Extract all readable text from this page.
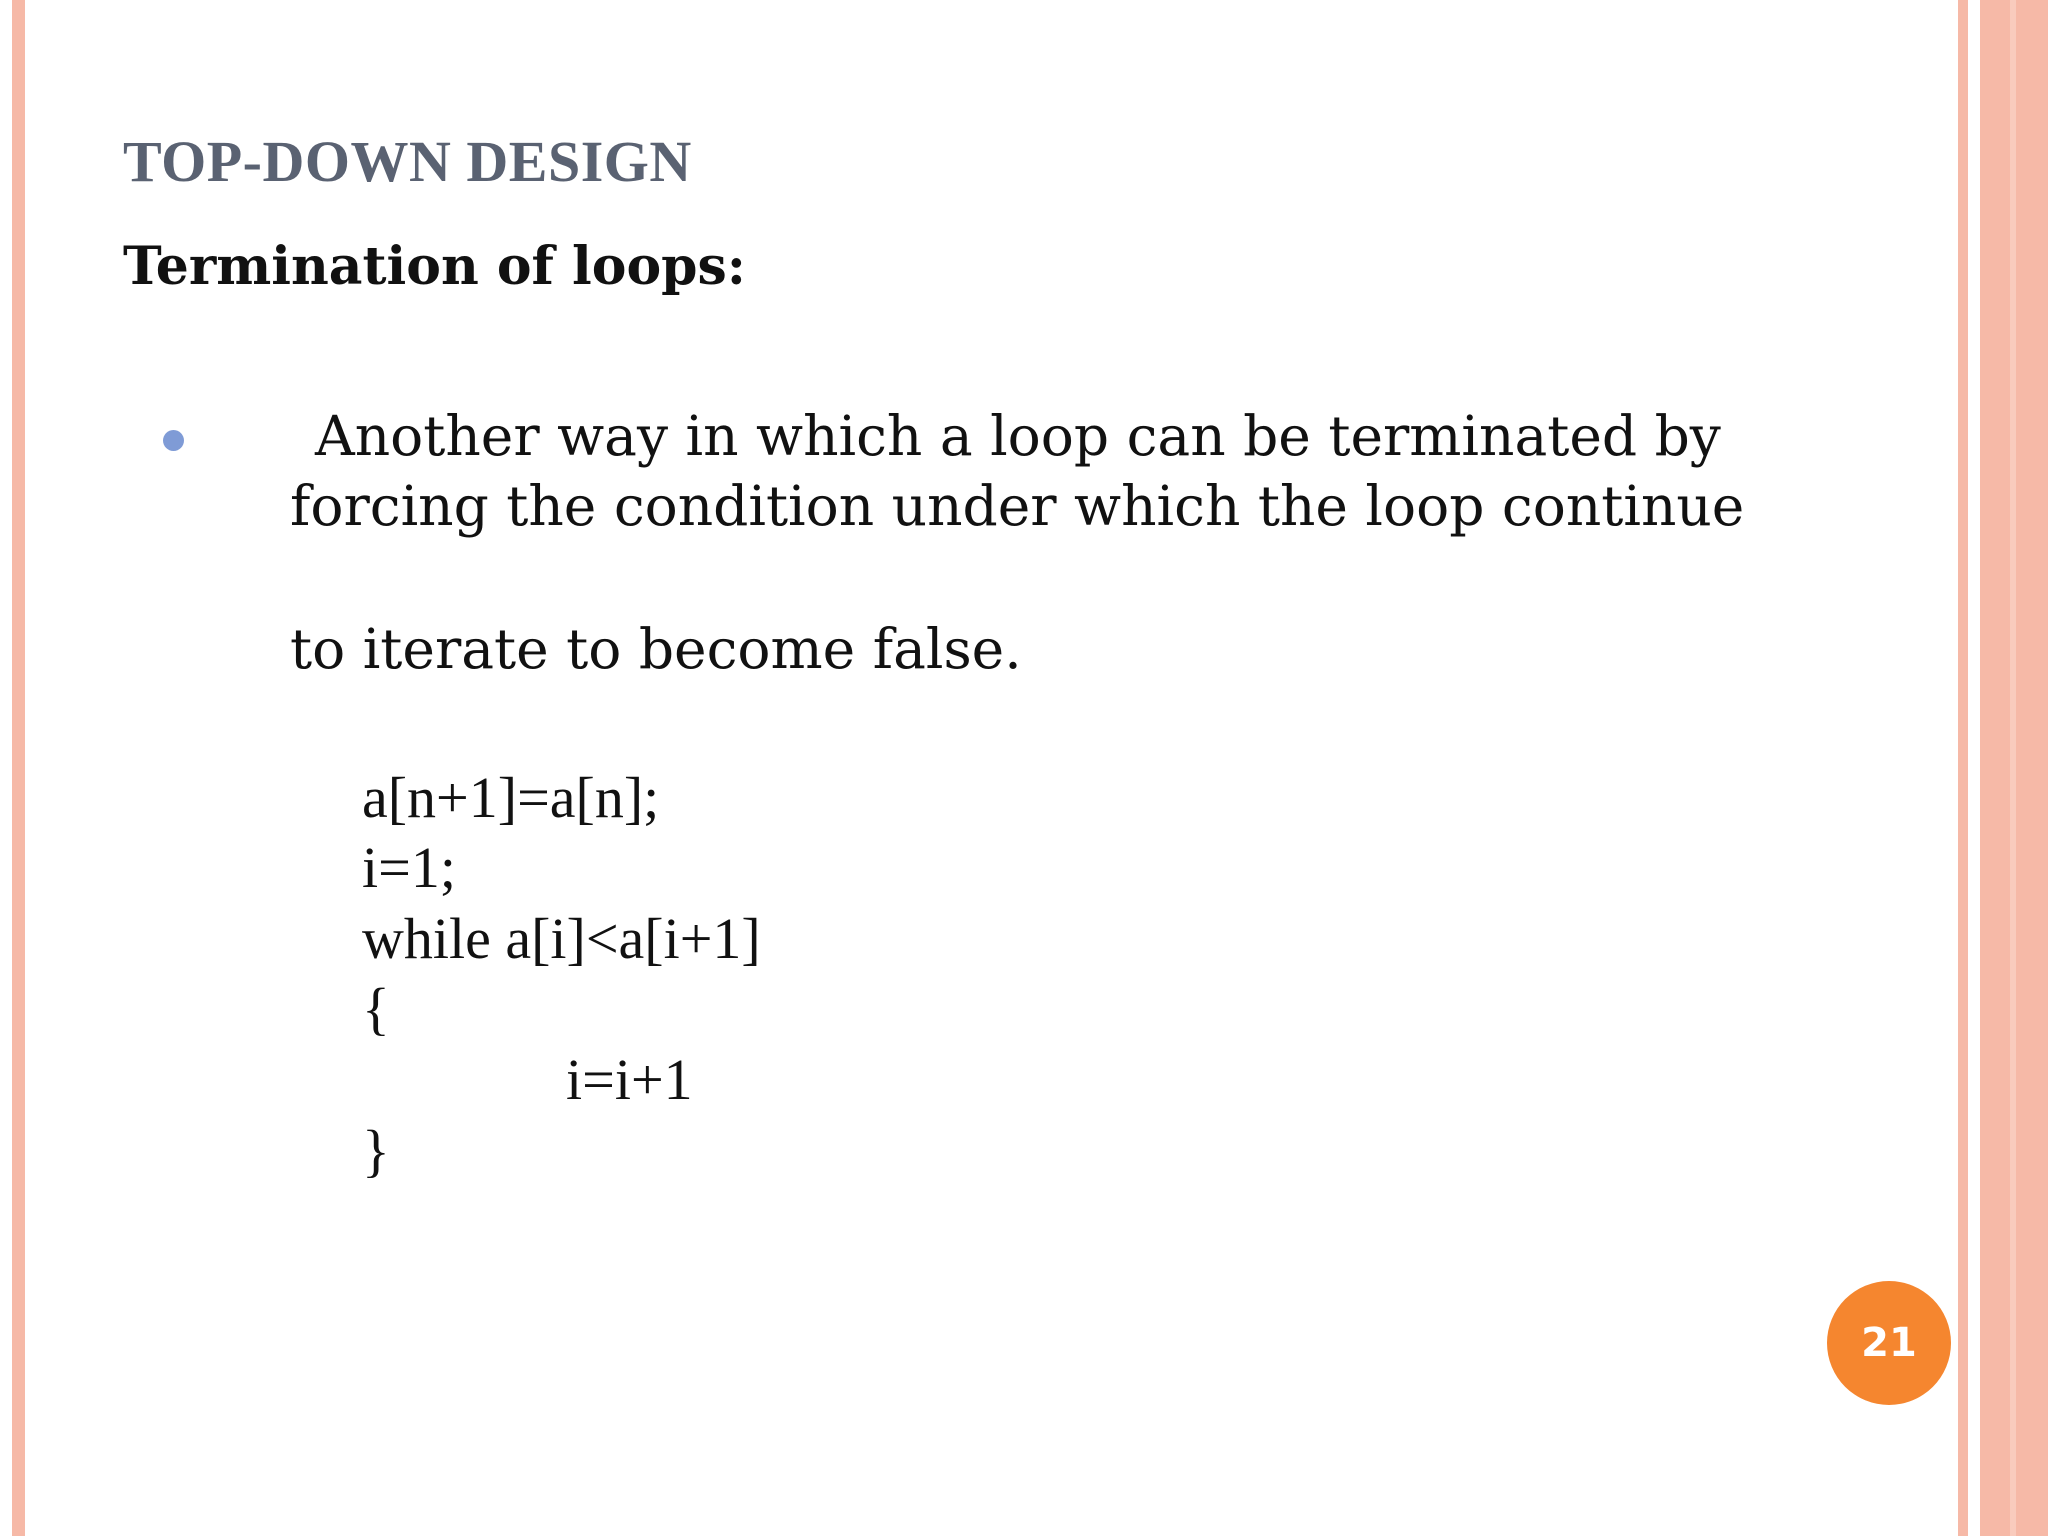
TOP-DOWN DESIGN
Termination of loops:
Another way in which a loop can be terminated by
forcing the condition under which the loop continue
to iterate to become false.
a[n+1]=a[n];
i=1;
while a[i]<a[i+1]
{
i=i+1
}
21
